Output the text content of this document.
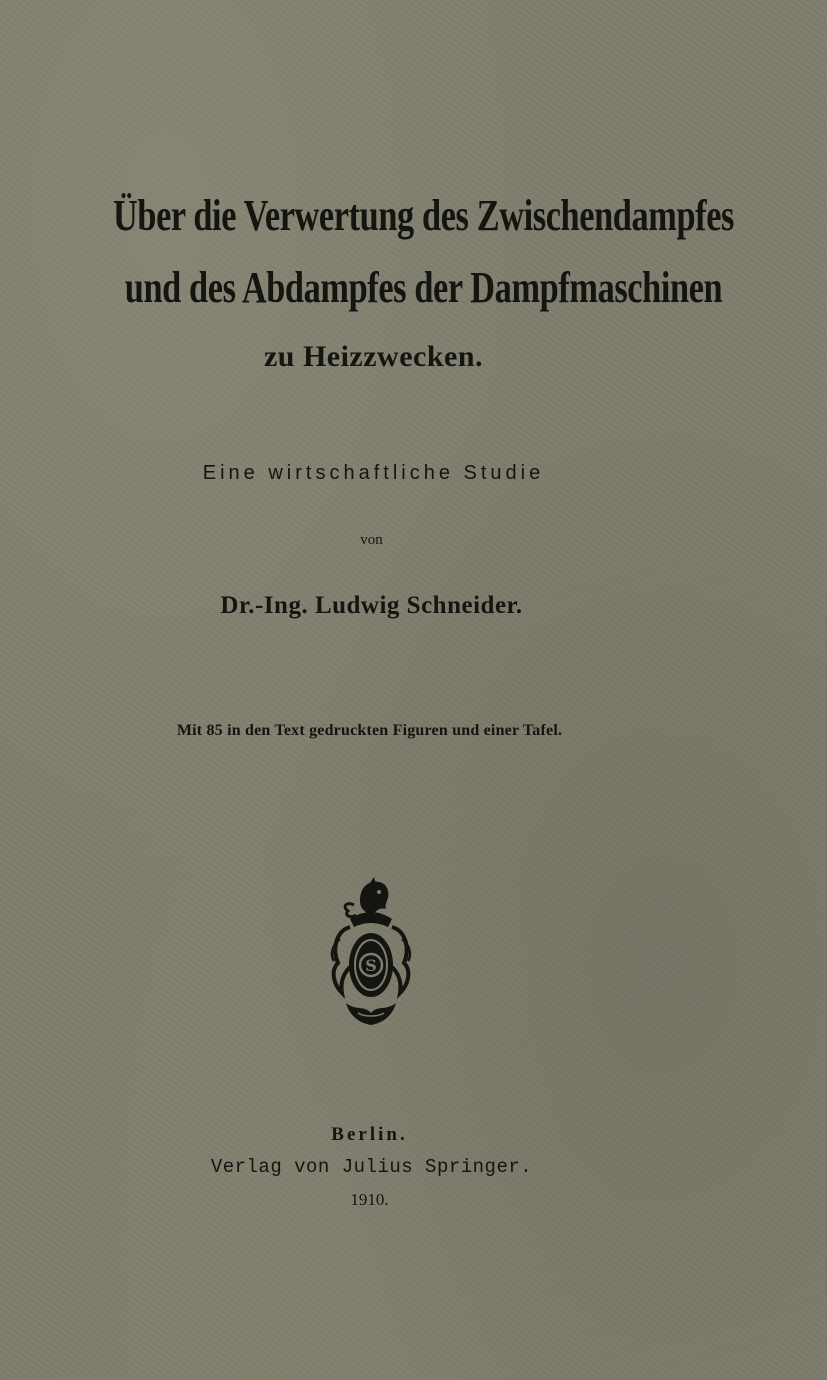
Über die Verwertung des Zwischendampfes
und des Abdampfes der Dampfmaschinen
zu Heizzwecken.
Eine wirtschaftliche Studie
von
Dr.-Ing. Ludwig Schneider.
Mit 85 in den Text gedruckten Figuren und einer Tafel.
S
Berlin.
Verlag von Julius Springer.
1910.
